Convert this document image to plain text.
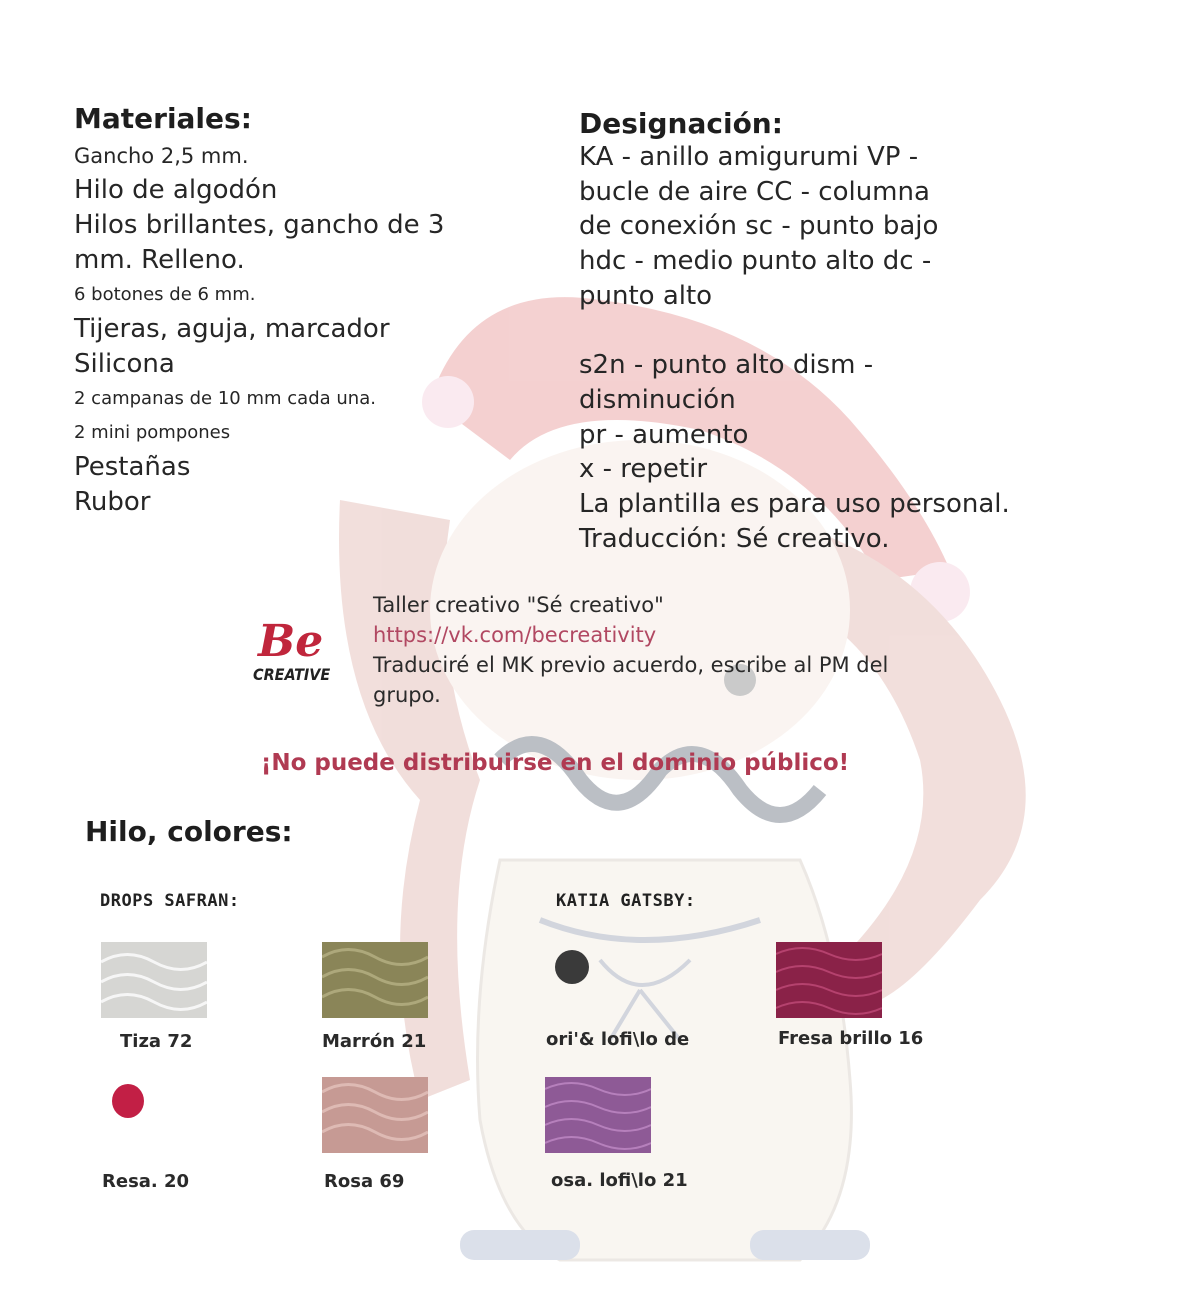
Materiales:
Gancho 2,5 mm.
Hilo de algodón
Hilos brillantes, gancho de 3 mm. Relleno.
6 botones de 6 mm.
Tijeras, aguja, marcador
Silicona
2 campanas de 10 mm cada una.
2 mini pompones
Pestañas
Rubor
Designación:

KA - anillo amigurumi VP - bucle de aire CC - columna de conexión sc - punto bajo hdc - medio punto alto dc - punto alto

s2n - punto alto dism - disminución

pr - aumento

x - repetir

La plantilla es para uso personal.

Traducción: Sé creativo.

Be
CREATIVE
Taller creativo "Sé creativo"
https://vk.com/becreativity
Traduciré el MK previo acuerdo, escribe al PM del grupo.
¡No puede distribuirse en el dominio público!
Hilo, colores:
DROPS SAFRAN:	KATIA GATSBY:
Tiza 72	Marrón 21	ori'& lofi\lo de	Fresa brillo 16
Resa. 20	Rosa 69	osa. lofi\lo 21
